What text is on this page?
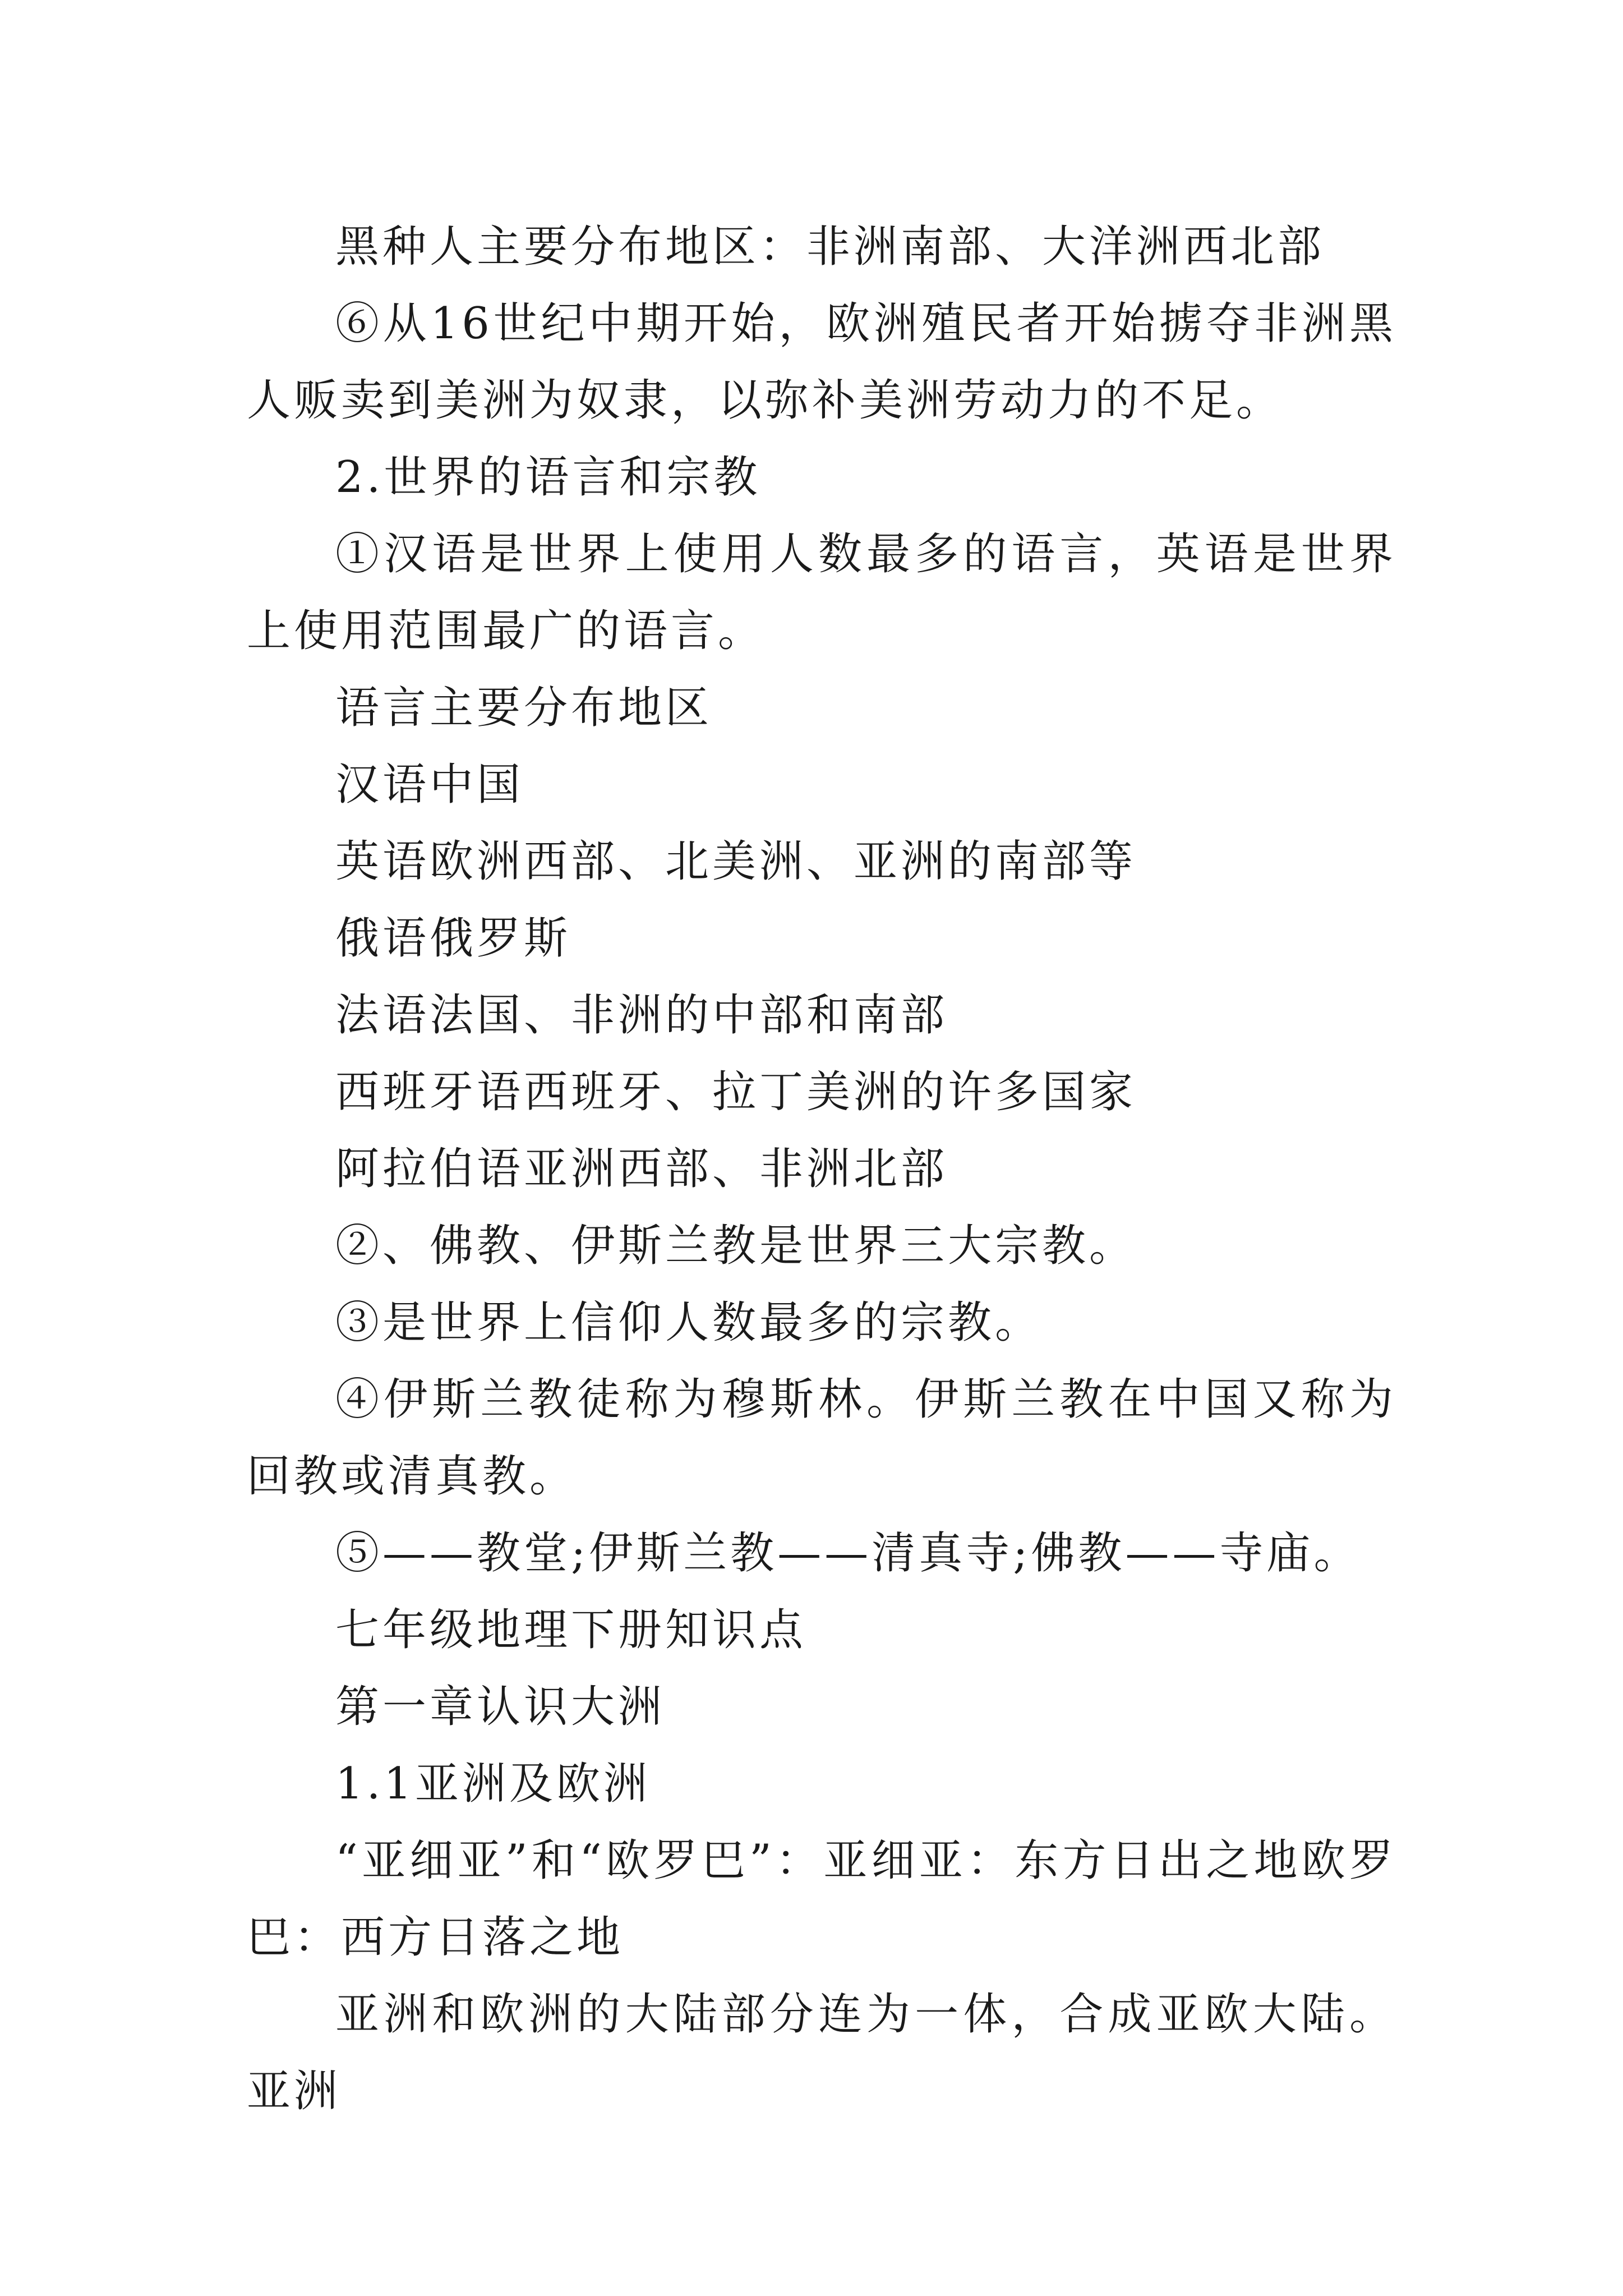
黑种人主要分布地区：非洲南部、大洋洲西北部

⑥从16世纪中期开始，欧洲殖民者开始掳夺非洲黑人贩卖到美洲为奴隶，以弥补美洲劳动力的不足。

2.世界的语言和宗教

①汉语是世界上使用人数最多的语言，英语是世界上使用范围最广的语言。

语言主要分布地区

汉语中国

英语欧洲西部、北美洲、亚洲的南部等

俄语俄罗斯

法语法国、非洲的中部和南部

西班牙语西班牙、拉丁美洲的许多国家

阿拉伯语亚洲西部、非洲北部

②、佛教、伊斯兰教是世界三大宗教。

③是世界上信仰人数最多的宗教。

④伊斯兰教徒称为穆斯林。伊斯兰教在中国又称为回教或清真教。

⑤——教堂;伊斯兰教——清真寺;佛教——寺庙。

七年级地理下册知识点

第一章认识大洲

1.1亚洲及欧洲

“亚细亚”和“欧罗巴”：亚细亚：东方日出之地欧罗巴：西方日落之地

亚洲和欧洲的大陆部分连为一体，合成亚欧大陆。亚洲
